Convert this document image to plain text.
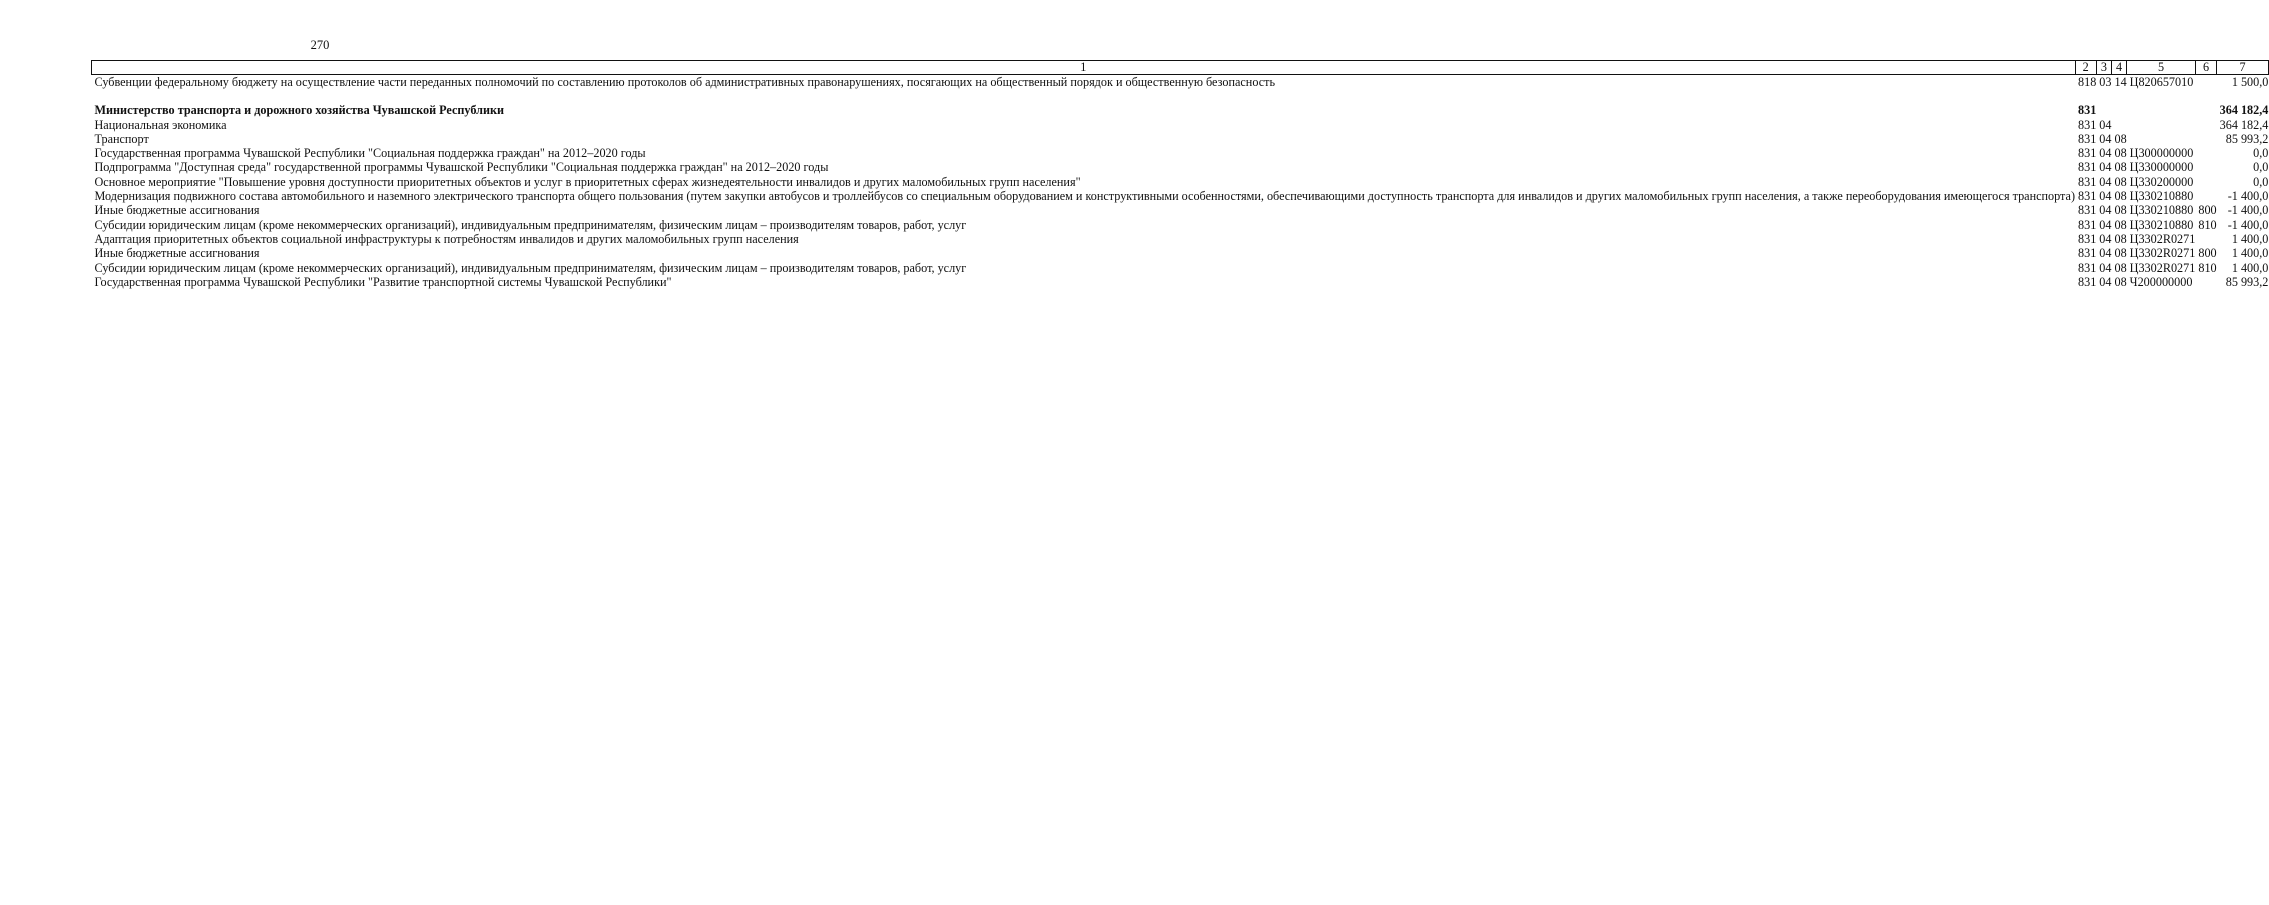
270
1	2	3	4	5	6	7
Субвенции федеральному бюджету на осуществление части переданных полномочий по составлению протоколов об административных правонарушениях, посягающих на общественный порядок и общественную безопасность	818	03	14	Ц820657010		1 500,0
Министерство транспорта и дорожного хозяйства Чувашской Республики	831					364 182,4
Национальная экономика	831	04				364 182,4
Транспорт	831	04	08			85 993,2
Государственная программа Чувашской Республики "Социальная поддержка граждан" на 2012–2020 годы	831	04	08	Ц300000000		0,0
Подпрограмма "Доступная среда" государственной программы Чувашской Республики "Социальная поддержка граждан" на 2012–2020 годы	831	04	08	Ц330000000		0,0
Основное мероприятие "Повышение уровня доступности приоритетных объектов и услуг в приоритетных сферах жизнедеятельности инвалидов и других маломобильных групп населения"	831	04	08	Ц330200000		0,0
Модернизация подвижного состава автомобильного и наземного электрического транспорта общего пользования (путем закупки автобусов и троллейбусов со специальным оборудованием и конструктивными особенностями, обеспечивающими доступность транспорта для инвалидов и других маломобильных групп населения, а также переоборудования имеющегося транспорта)	831	04	08	Ц330210880		-1 400,0
Иные бюджетные ассигнования	831	04	08	Ц330210880	800	-1 400,0
Субсидии юридическим лицам (кроме некоммерческих организаций), индивидуальным предпринимателям, физическим лицам – производителям товаров, работ, услуг	831	04	08	Ц330210880	810	-1 400,0
Адаптация приоритетных объектов социальной инфраструктуры к потребностям инвалидов и других маломобильных групп населения	831	04	08	Ц3302R0271		1 400,0
Иные бюджетные ассигнования	831	04	08	Ц3302R0271	800	1 400,0
Субсидии юридическим лицам (кроме некоммерческих организаций), индивидуальным предпринимателям, физическим лицам – производителям товаров, работ, услуг	831	04	08	Ц3302R0271	810	1 400,0
Государственная программа Чувашской Республики "Развитие транспортной системы Чувашской Республики"	831	04	08	Ч200000000		85 993,2
